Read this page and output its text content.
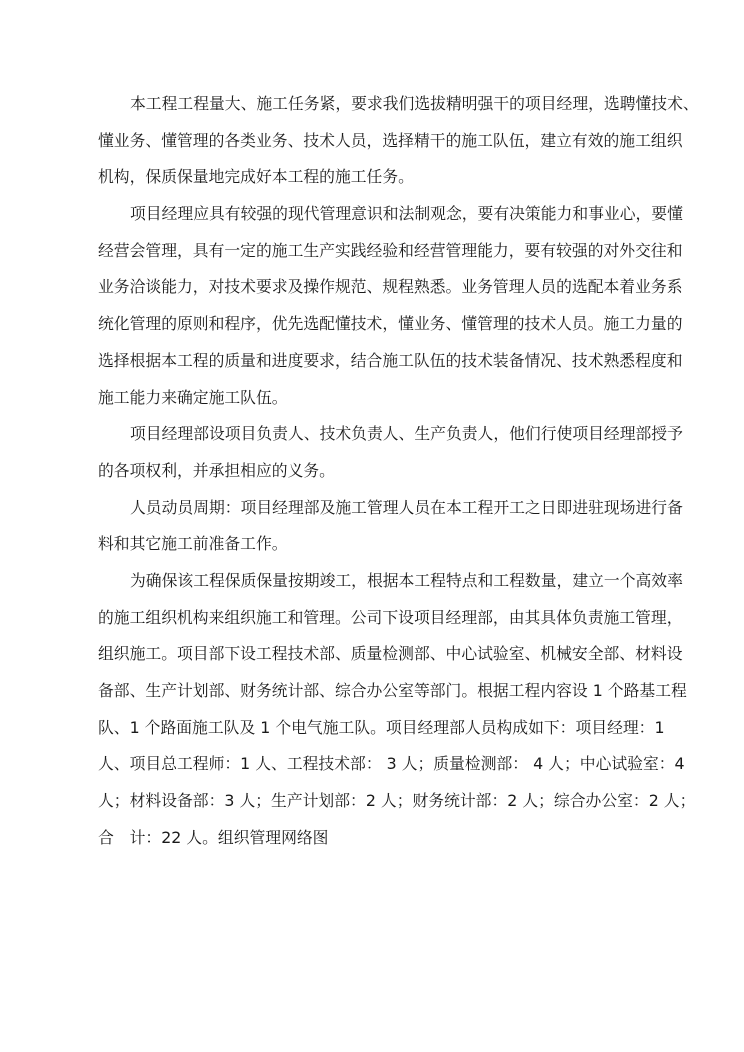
本工程工程量大、施工任务紧，要求我们选拔精明强干的项目经理，选聘懂技术、
懂业务、懂管理的各类业务、技术人员，选择精干的施工队伍，建立有效的施工组织
机构，保质保量地完成好本工程的施工任务。
项目经理应具有较强的现代管理意识和法制观念，要有决策能力和事业心，要懂
经营会管理，具有一定的施工生产实践经验和经营管理能力，要有较强的对外交往和
业务洽谈能力，对技术要求及操作规范、规程熟悉。业务管理人员的选配本着业务系
统化管理的原则和程序，优先选配懂技术，懂业务、懂管理的技术人员。施工力量的
选择根据本工程的质量和进度要求，结合施工队伍的技术装备情况、技术熟悉程度和
施工能力来确定施工队伍。
项目经理部设项目负责人、技术负责人、生产负责人，他们行使项目经理部授予
的各项权利，并承担相应的义务。
人员动员周期：项目经理部及施工管理人员在本工程开工之日即进驻现场进行备
料和其它施工前准备工作。
为确保该工程保质保量按期竣工，根据本工程特点和工程数量，建立一个高效率
的施工组织机构来组织施工和管理。公司下设项目经理部，由其具体负责施工管理，
组织施工。项目部下设工程技术部、质量检测部、中心试验室、机械安全部、材料设
备部、生产计划部、财务统计部、综合办公室等部门。根据工程内容设 1 个路基工程
队、1 个路面施工队及 1 个电气施工队。项目经理部人员构成如下：项目经理：1
人、项目总工程师：1 人、工程技术部： 3 人；质量检测部： 4 人；中心试验室：4
人；材料设备部：3 人；生产计划部：2 人；财务统计部：2 人；综合办公室：2 人；
合　计：22 人。组织管理网络图
